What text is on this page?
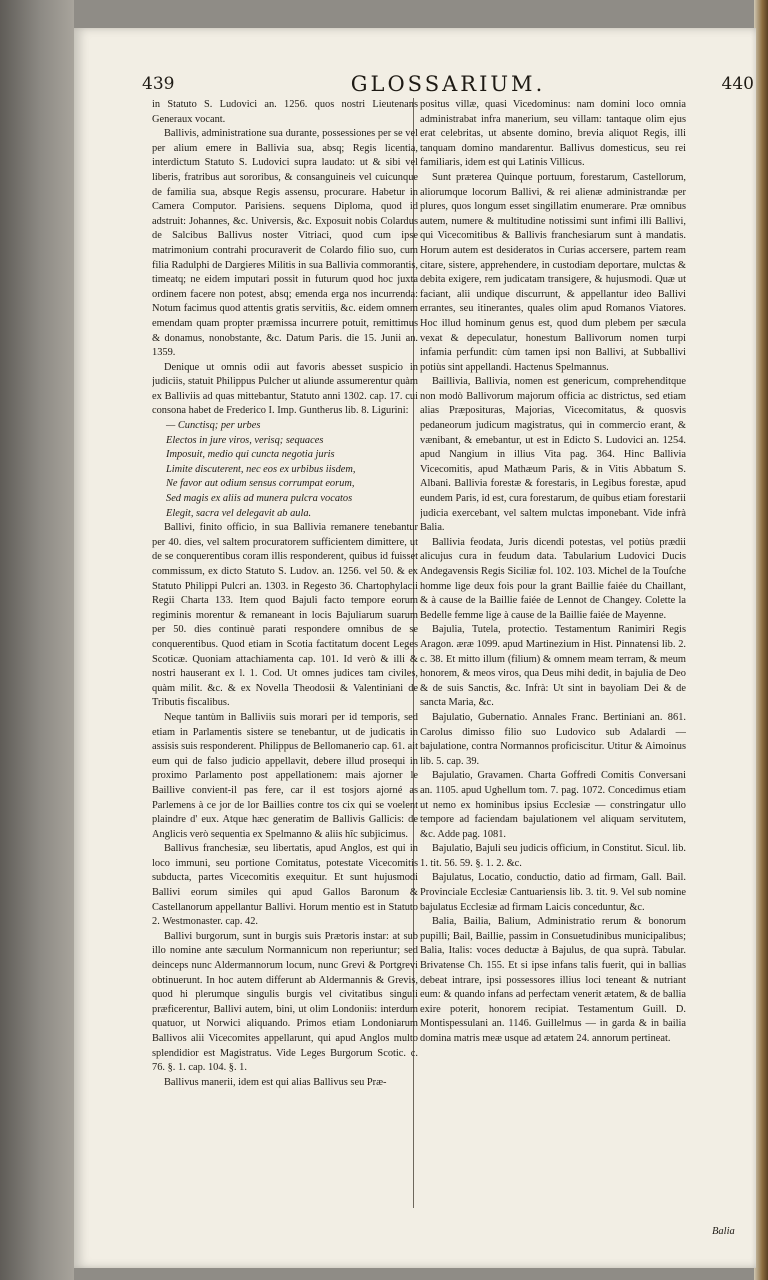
439	GLOSSARIUM.	440

in Statuto S. Ludovici an. 1256. quos nostri Lieutenans Generaux vocant.

Ballivis, administratione sua durante, possessiones per se vel per alium emere in Ballivia sua, absq; Regis licentia, interdictum Statuto S. Ludovici supra laudato: ut & sibi vel liberis, fratribus aut sororibus, & consanguineis vel cuicunque de familia sua, absque Regis assensu, procurare. Habetur in Camera Computor. Parisiens. sequens Diploma, quod id adstruit: Johannes, &c. Universis, &c. Exposuit nobis Colardus de Salcibus Ballivus noster Vitriaci, quod cum ipse matrimonium contrahi procuraverit de Colardo filio suo, cum filia Radulphi de Dargieres Militis in sua Ballivia commorantis, timeatq; ne eidem imputari possit in futurum quod hoc juxta ordinem facere non potest, absq; emenda erga nos incurrenda: Notum facimus quod attentis gratis servitiis, &c. eidem omnem emendam quam propter præmissa incurrere potuit, remittimus & donamus, nonobstante, &c. Datum Paris. die 15. Junii an. 1359.

Denique ut omnis odii aut favoris abesset suspicio in judiciis, statuit Philippus Pulcher ut aliunde assumerentur quàm ex Balliviis ad quas mittebantur, Statuto anni 1302. cap. 17. cui consona habet de Frederico I. Imp. Guntherus lib. 8. Ligurini:

— Cunctisq; per urbes

Electos in jure viros, verisq; sequaces

Imposuit, medio qui cuncta negotia juris

Limite discuterent, nec eos ex urbibus iisdem,

Ne favor aut odium sensus corrumpat eorum,

Sed magis ex aliis ad munera pulcra vocatos

Elegit, sacra vel delegavit ab aula.

Ballivi, finito officio, in sua Ballivia remanere tenebantur per 40. dies, vel saltem procuratorem sufficientem dimittere, ut de se conquerentibus coram illis responderent, quibus id fuisset commissum, ex dicto Statuto S. Ludov. an. 1256. vel 50. & ex Statuto Philippi Pulcri an. 1303. in Regesto 36. Chartophylacii Regii Charta 133. Item quod Bajuli facto tempore eorum regiminis morentur & remaneant in locis Bajuliarum suarum per 50. dies continuè parati respondere omnibus de se conquerentibus. Quod etiam in Scotia factitatum docent Leges Scoticæ. Quoniam attachiamenta cap. 101. Id verò & illi & nostri hauserant ex l. 1. Cod. Ut omnes judices tam civiles, quàm milit. &c. & ex Novella Theodosii & Valentiniani de Tributis fiscalibus.

Neque tantùm in Balliviis suis morari per id temporis, sed etiam in Parlamentis sistere se tenebantur, ut de judicatis in assisis suis responderent. Philippus de Bellomanerio cap. 61. ait eum qui de falso judicio appellavit, debere illud prosequi in proximo Parlamento post appellationem: mais ajorner le Baillive convient-il pas fere, car il est tosjors ajorné as Parlemens à ce jor de lor Baillies contre tos cix qui se voelent plaindre d' eux. Atque hæc generatim de Ballivis Gallicis: de Anglicis verò sequentia ex Spelmanno & aliis hîc subjicimus.

Ballivus franchesiæ, seu libertatis, apud Anglos, est qui in loco immuni, seu portione Comitatus, potestate Vicecomitis subducta, partes Vicecomitis exequitur. Et sunt hujusmodi Ballivi eorum similes qui apud Gallos Baronum & Castellanorum appellantur Ballivi. Horum mentio est in Statuto 2. Westmonaster. cap. 42.

Ballivi burgorum, sunt in burgis suis Prætoris instar: at sub illo nomine ante sæculum Normannicum non reperiuntur; sed deinceps nunc Aldermannorum locum, nunc Grevi & Portgrevi obtinuerunt. In hoc autem differunt ab Aldermannis & Grevis, quod hi plerumque singulis burgis vel civitatibus singuli præficerentur, Ballivi autem, bini, ut olim Londoniis: interdum quatuor, ut Norwici aliquando. Primos etiam Londoniarum Ballivos alii Vicecomites appellarunt, qui apud Anglos multo splendidior est Magistratus. Vide Leges Burgorum Scotic. c. 76. §. 1. cap. 104. §. 1.

Ballivus manerii, idem est qui alias Ballivus seu Præ-

positus villæ, quasi Vicedominus: nam domini loco omnia administrabat infra manerium, seu villam: tantaque olim ejus erat celebritas, ut absente domino, brevia aliquot Regis, illi tanquam domino mandarentur. Ballivus domesticus, seu rei familiaris, idem est qui Latinis Villicus.

Sunt præterea Quinque portuum, forestarum, Castellorum, aliorumque locorum Ballivi, & rei alienæ administrandæ per plures, quos longum esset singillatim enumerare. Præ omnibus autem, numere & multitudine notissimi sunt infimi illi Ballivi, qui Vicecomitibus & Ballivis franchesiarum sunt à mandatis. Horum autem est desideratos in Curias accersere, partem ream citare, sistere, apprehendere, in custodiam deportare, mulctas & debita exigere, rem judicatam transigere, & hujusmodi. Quæ ut faciant, alii undique discurrunt, & appellantur ideo Ballivi errantes, seu itinerantes, quales olim apud Romanos Viatores. Hoc illud hominum genus est, quod dum plebem per sæcula vexat & depeculatur, honestum Ballivorum nomen turpi infamia perfundit: cùm tamen ipsi non Ballivi, at Subballivi potiùs sint appellandi. Hactenus Spelmannus.

Baillivia, Ballivia, nomen est genericum, comprehenditque non modò Ballivorum majorum officia ac districtus, sed etiam alias Præposituras, Majorias, Vicecomitatus, & quosvis pedaneorum judicum magistratus, qui in commercio erant, & vænibant, & emebantur, ut est in Edicto S. Ludovici an. 1254. apud Nangium in illius Vita pag. 364. Hinc Ballivia Vicecomitis, apud Mathæum Paris, & in Vitis Abbatum S. Albani. Ballivia forestæ & forestaris, in Legibus forestæ, apud eundem Paris, id est, cura forestarum, de quibus etiam forestarii judicia exercebant, vel saltem mulctas imponebant. Vide infrà Balia.

Ballivia feodata, Juris dicendi potestas, vel potiùs prædii alicujus cura in feudum data. Tabularium Ludovici Ducis Andegavensis Regis Siciliæ fol. 102. 103. Michel de la Touſche homme lige deux fois pour la grant Baillie faiée du Chaillant, & à cause de la Baillie faiée de Lennot de Changey. Colette la Bedelle femme lige à cause de la Baillie faiée de Mayenne.

Bajulia, Tutela, protectio. Testamentum Ranimiri Regis Aragon. æræ 1099. apud Martinezium in Hist. Pinnatensi lib. 2. c. 38. Et mitto illum (filium) & omnem meam terram, & meum honorem, & meos viros, qua Deus mihi dedit, in bajulia de Deo & de suis Sanctis, &c. Infrà: Ut sint in bayoliam Dei & de sancta Maria, &c.

Bajulatio, Gubernatio. Annales Franc. Bertiniani an. 861. Carolus dimisso filio suo Ludovico sub Adalardi — bajulatione, contra Normannos proficiscitur. Utitur & Aimoinus lib. 5. cap. 39.

Bajulatio, Gravamen. Charta Goffredi Comitis Conversani an. 1105. apud Ughellum tom. 7. pag. 1072. Concedimus etiam ut nemo ex hominibus ipsius Ecclesiæ — constringatur ullo tempore ad faciendam bajulationem vel aliquam servitutem, &c. Adde pag. 1081.

Bajulatio, Bajuli seu judicis officium, in Constitut. Sicul. lib. 1. tit. 56. 59. §. 1. 2. &c.

Bajulatus, Locatio, conductio, datio ad firmam, Gall. Bail. Provinciale Ecclesiæ Cantuariensis lib. 3. tit. 9. Vel sub nomine bajulatus Ecclesiæ ad firmam Laicis conceduntur, &c.

Balia, Bailia, Balium, Administratio rerum & bonorum pupilli; Bail, Baillie, passim in Consuetudinibus municipalibus; Balia, Italis: voces deductæ à Bajulus, de qua suprà. Tabular. Brivatense Ch. 155. Et si ipse infans talis fuerit, qui in ballias debeat intrare, ipsi possessores illius loci teneant & nutriant eum: & quando infans ad perfectam venerit ætatem, & de ballia exire poterit, honorem recipiat. Testamentum Guill. D. Montispessulani an. 1146. Guillelmus — in garda & in bailia domina matris meæ usque ad ætatem 24. annorum pertineat.

Balia
